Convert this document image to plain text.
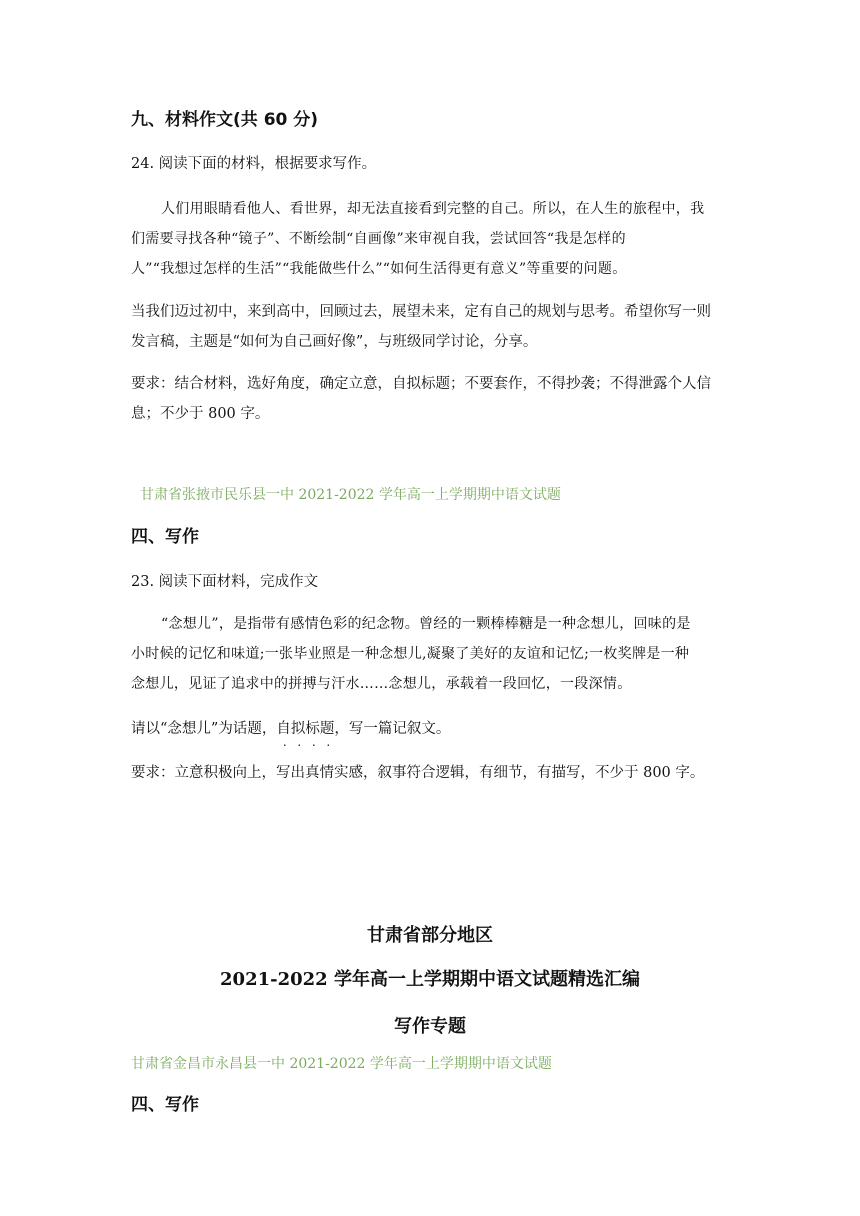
九、材料作文(共 60 分)
24. 阅读下面的材料，根据要求写作。
人们用眼睛看他人、看世界，却无法直接看到完整的自己。所以，在人生的旅程中，我
们需要寻找各种“镜子”、不断绘制“自画像”来审视自我，尝试回答“我是怎样的
人”“我想过怎样的生活”“我能做些什么”“如何生活得更有意义”等重要的问题。
当我们迈过初中，来到高中，回顾过去，展望未来，定有自己的规划与思考。希望你写一则
发言稿，主题是“如何为自己画好像”，与班级同学讨论，分享。
要求：结合材料，选好角度，确定立意，自拟标题；不要套作，不得抄袭；不得泄露个人信
息；不少于 800 字。
甘肃省张掖市民乐县一中 2021-2022 学年高一上学期期中语文试题
四、写作
23. 阅读下面材料，完成作文
“念想儿”，是指带有感情色彩的纪念物。曾经的一颗棒棒糖是一种念想儿，回味的是
小时候的记忆和味道;一张毕业照是一种念想儿,凝聚了美好的友谊和记忆;一枚奖牌是一种
念想儿，见证了追求中的拼搏与汗水……念想儿，承载着一段回忆，一段深情。
请以“念想儿”为话题，自拟标题，写一篇记叙文。
要求：立意积极向上，写出真情实感，叙事符合逻辑，有细节，有描写，不少于 800 字。
甘肃省部分地区
2021-2022 学年高一上学期期中语文试题精选汇编
写作专题
甘肃省金昌市永昌县一中 2021-2022 学年高一上学期期中语文试题
四、写作
